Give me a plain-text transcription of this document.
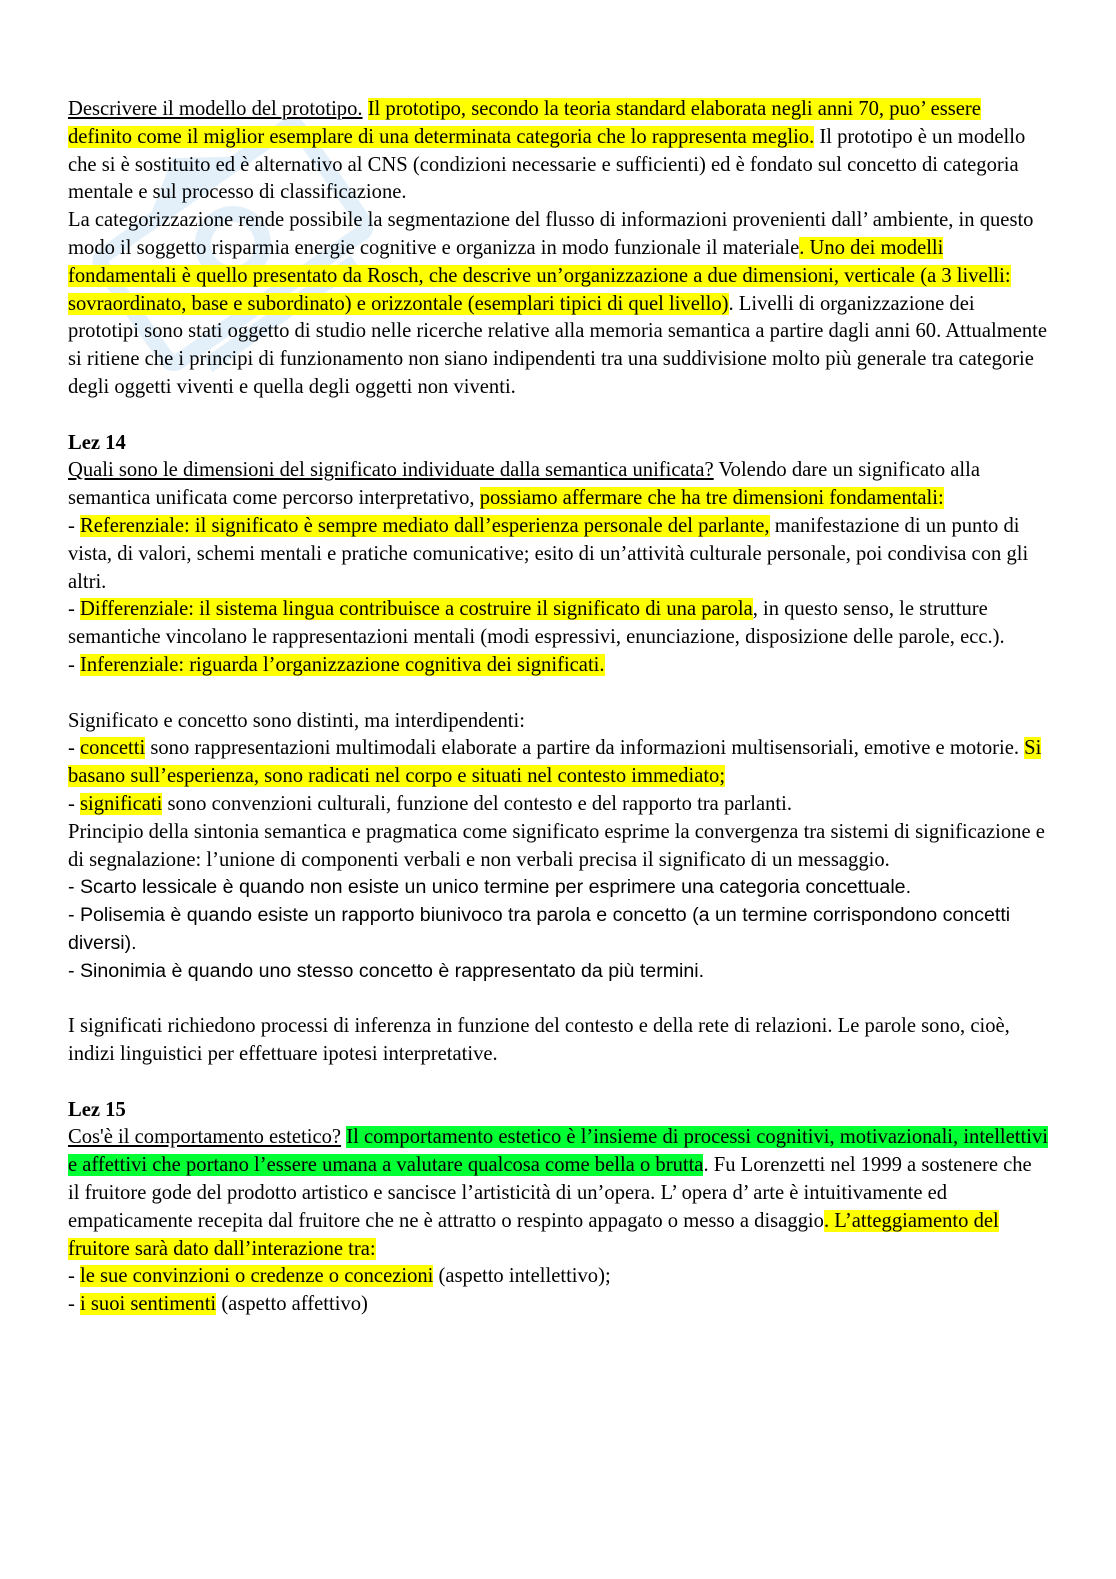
Descrivere il modello del prototipo. Il prototipo, secondo la teoria standard elaborata negli anni 70, puo’ essere definito come il miglior esemplare di una determinata categoria che lo rappresenta meglio. Il prototipo è un modello che si è sostituito ed è alternativo al CNS (condizioni necessarie e sufficienti) ed è fondato sul concetto di categoria mentale e sul processo di classificazione.

La categorizzazione rende possibile la segmentazione del flusso di informazioni provenienti dall’ ambiente, in questo modo il soggetto risparmia energie cognitive e organizza in modo funzionale il materiale. Uno dei modelli fondamentali è quello presentato da Rosch, che descrive un’organizzazione a due dimensioni, verticale (a 3 livelli: sovraordinato, base e subordinato) e orizzontale (esemplari tipici di quel livello). Livelli di organizzazione dei prototipi sono stati oggetto di studio nelle ricerche relative alla memoria semantica a partire dagli anni 60. Attualmente si ritiene che i principi di funzionamento non siano indipendenti tra una suddivisione molto più generale tra categorie degli oggetti viventi e quella degli oggetti non viventi.

Lez 14

Quali sono le dimensioni del significato individuate dalla semantica unificata? Volendo dare un significato alla semantica unificata come percorso interpretativo, possiamo affermare che ha tre dimensioni fondamentali:

- Referenziale: il significato è sempre mediato dall’esperienza personale del parlante, manifestazione di un punto di vista, di valori, schemi mentali e pratiche comunicative; esito di un’attività culturale personale, poi condivisa con gli altri.

- Differenziale: il sistema lingua contribuisce a costruire il significato di una parola, in questo senso, le strutture semantiche vincolano le rappresentazioni mentali (modi espressivi, enunciazione, disposizione delle parole, ecc.).

- Inferenziale: riguarda l’organizzazione cognitiva dei significati.

Significato e concetto sono distinti, ma interdipendenti:

- concetti sono rappresentazioni multimodali elaborate a partire da informazioni multisensoriali, emotive e motorie. Si basano sull’esperienza, sono radicati nel corpo e situati nel contesto immediato;

- significati sono convenzioni culturali, funzione del contesto e del rapporto tra parlanti.

Principio della sintonia semantica e pragmatica come significato esprime la convergenza tra sistemi di significazione e di segnalazione: l’unione di componenti verbali e non verbali precisa il significato di un messaggio.

- Scarto lessicale è quando non esiste un unico termine per esprimere una categoria concettuale.

- Polisemia è quando esiste un rapporto biunivoco tra parola e concetto (a un termine corrispondono concetti diversi).

- Sinonimia è quando uno stesso concetto è rappresentato da più termini.

I significati richiedono processi di inferenza in funzione del contesto e della rete di relazioni. Le parole sono, cioè, indizi linguistici per effettuare ipotesi interpretative.

Lez 15

Cos'è il comportamento estetico? Il comportamento estetico è l’insieme di processi cognitivi, motivazionali, intellettivi e affettivi che portano l’essere umana a valutare qualcosa come bella o brutta. Fu Lorenzetti nel 1999 a sostenere che il fruitore gode del prodotto artistico e sancisce l’artisticità di un’opera. L’ opera d’ arte è intuitivamente ed empaticamente recepita dal fruitore che ne è attratto o respinto appagato o messo a disaggio. L’atteggiamento del fruitore sarà dato dall’interazione tra:

- le sue convinzioni o credenze o concezioni (aspetto intellettivo);

- i suoi sentimenti (aspetto affettivo)
